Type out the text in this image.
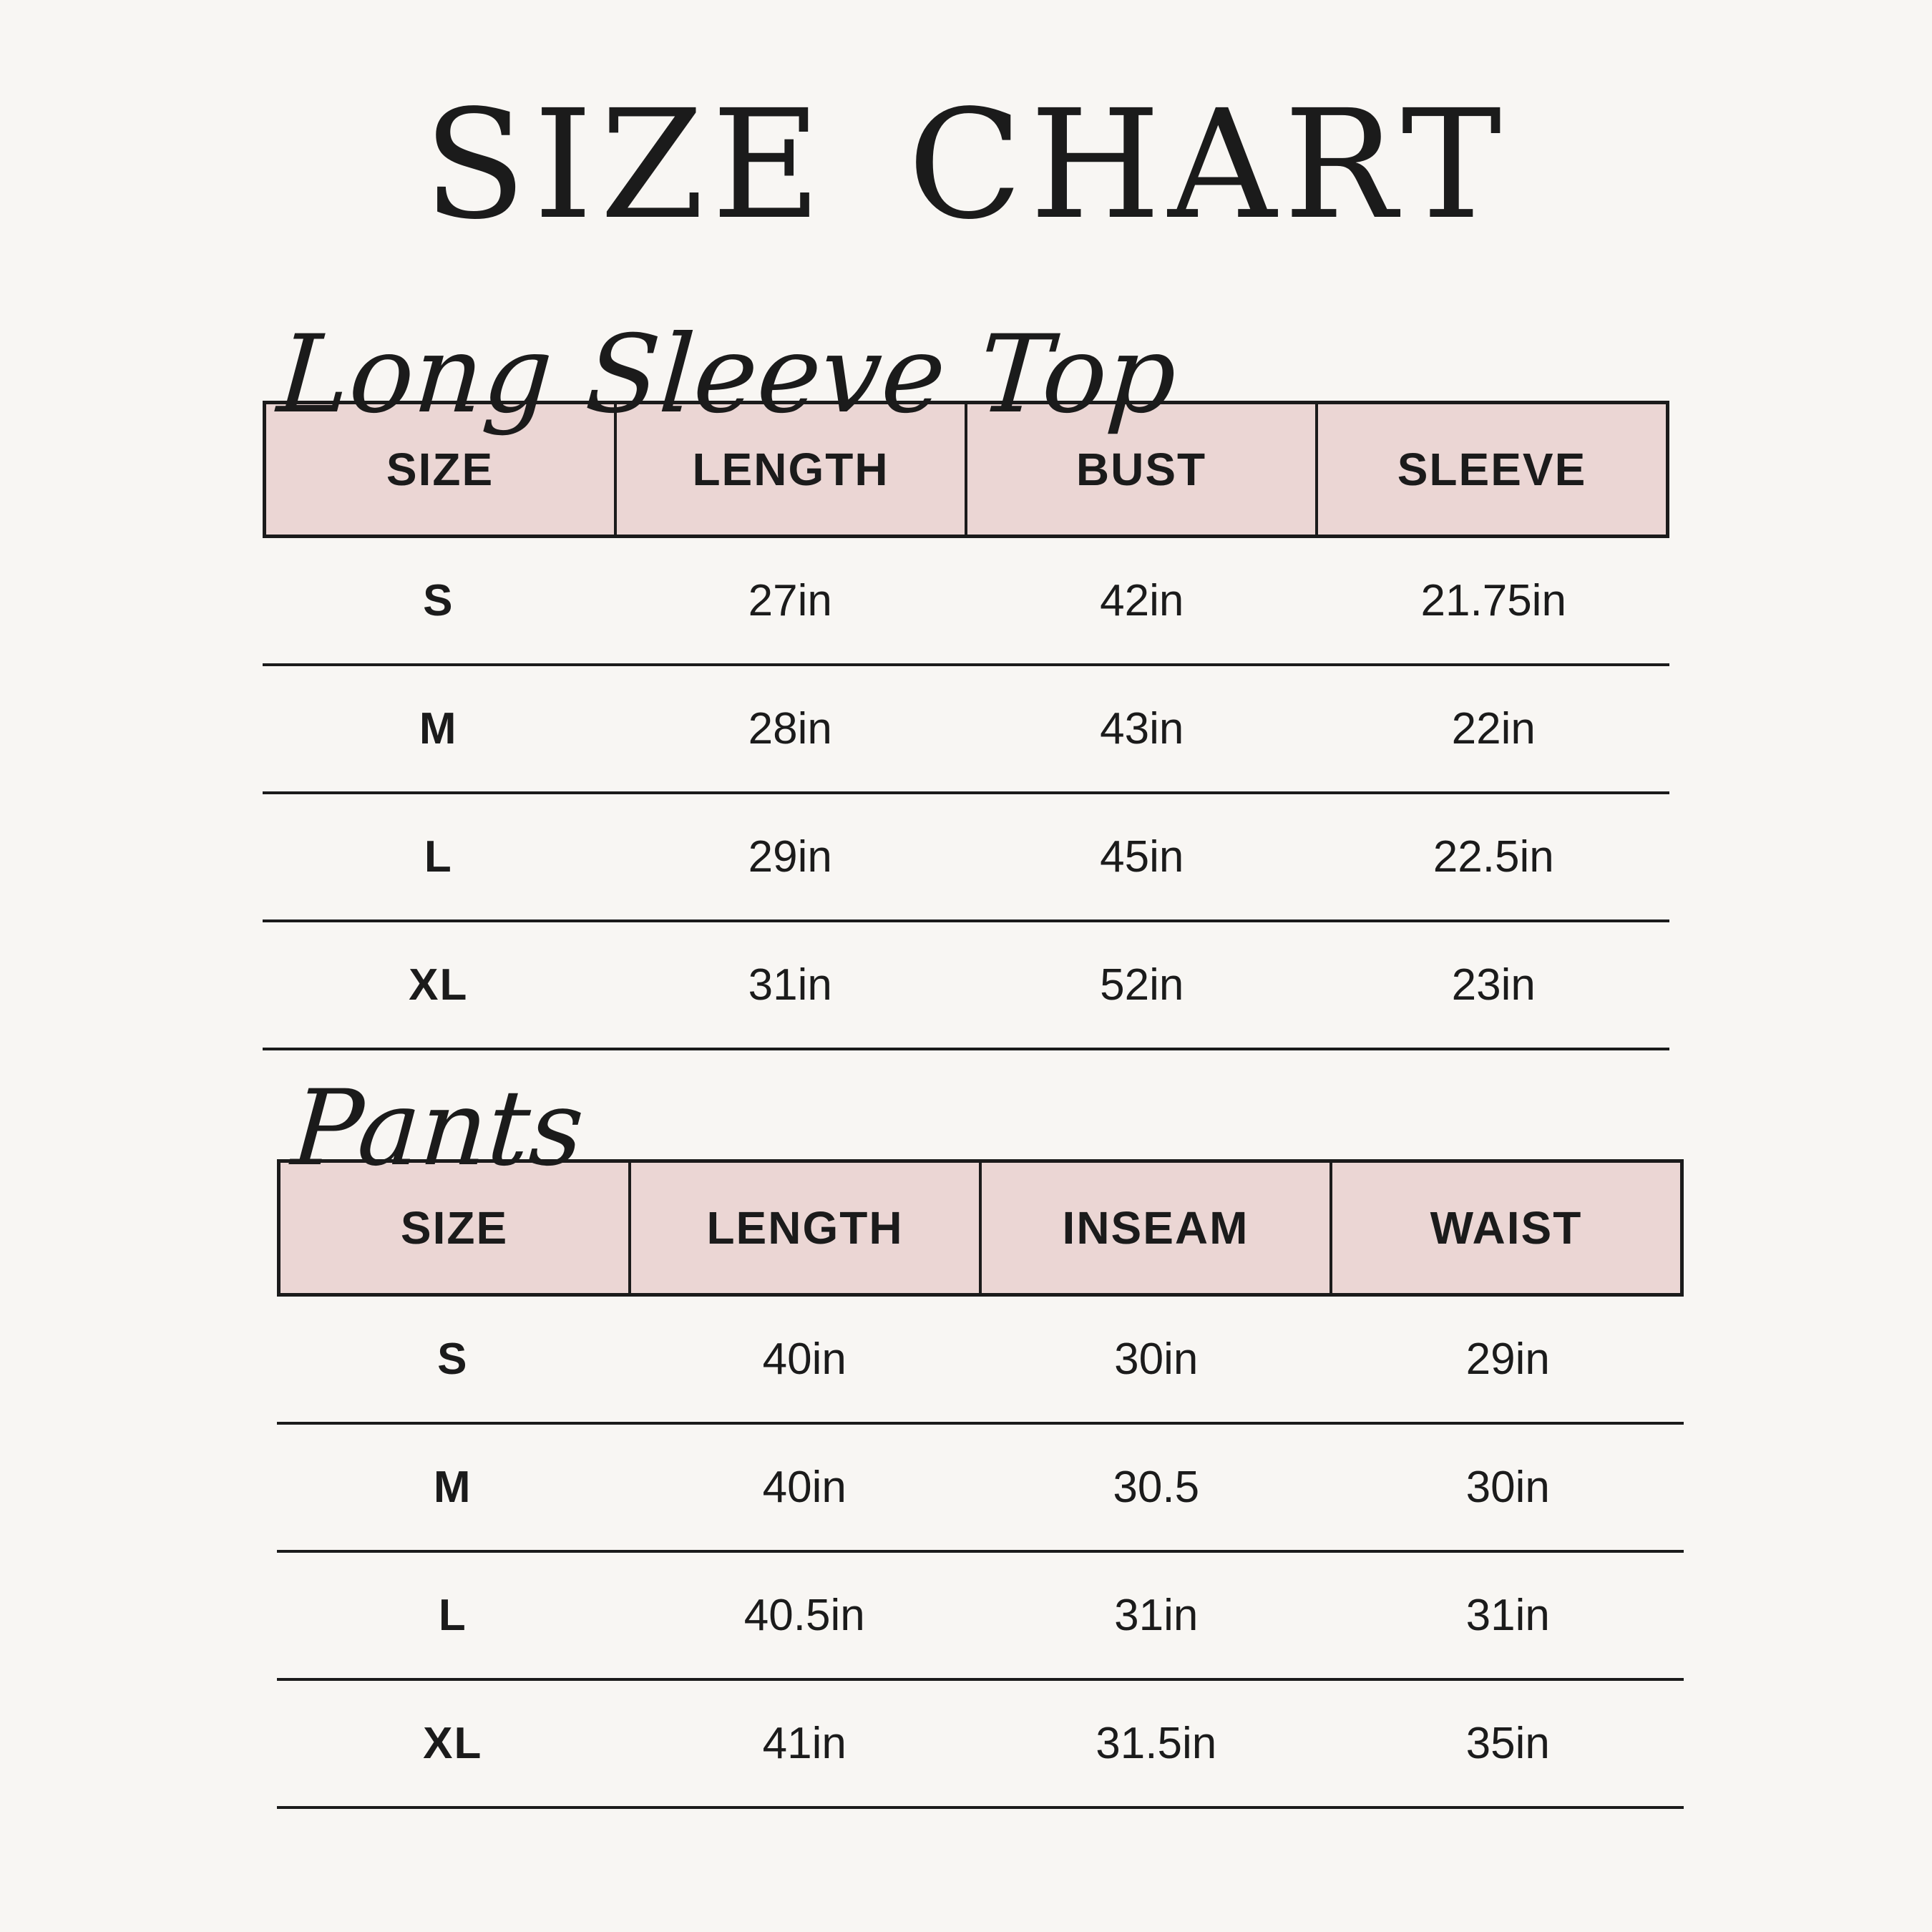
SIZE CHART
Long Sleeve Top
SIZE	LENGTH	BUST	SLEEVE
S	27in	42in	21.75in
M	28in	43in	22in
L	29in	45in	22.5in
XL	31in	52in	23in
Pants
SIZE	LENGTH	INSEAM	WAIST
S	40in	30in	29in
M	40in	30.5	30in
L	40.5in	31in	31in
XL	41in	31.5in	35in
